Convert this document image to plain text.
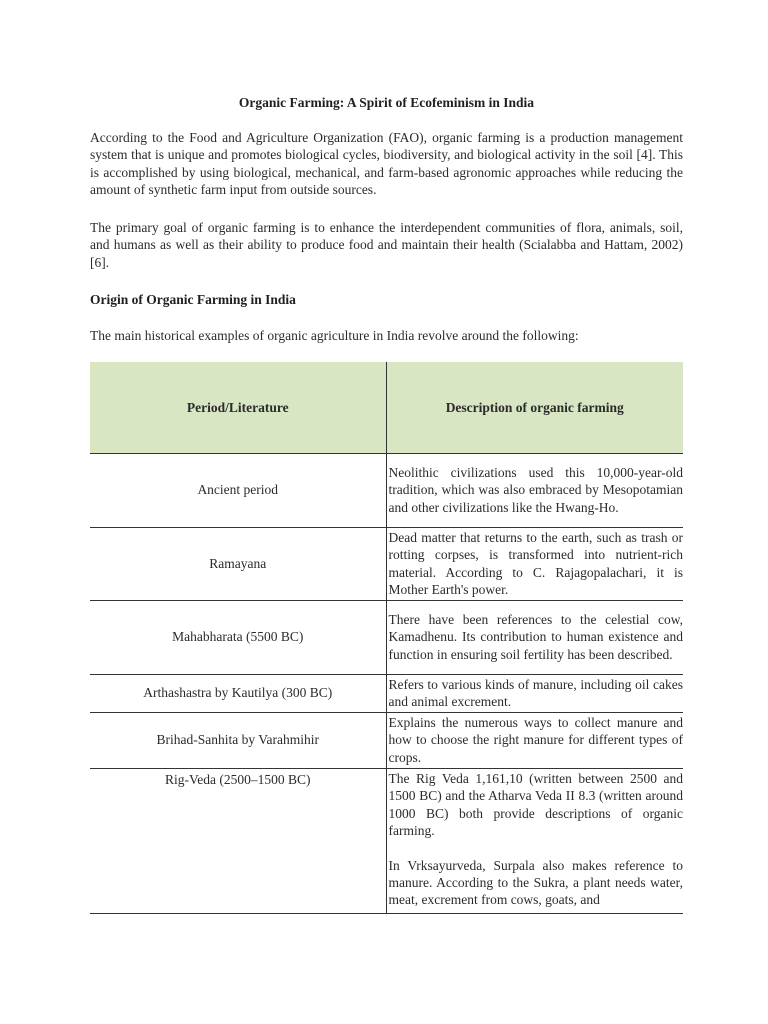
Organic Farming: A Spirit of Ecofeminism in India

According to the Food and Agriculture Organization (FAO), organic farming is a production management system that is unique and promotes biological cycles, biodiversity, and biological activity in the soil [4]. This is accomplished by using biological, mechanical, and farm-based agronomic approaches while reducing the amount of synthetic farm input from outside sources.

The primary goal of organic farming is to enhance the interdependent communities of flora, animals, soil, and humans as well as their ability to produce food and maintain their health (Scialabba and Hattam, 2002) [6].

Origin of Organic Farming in India
The main historical examples of organic agriculture in India revolve around the following:
Period/Literature	Description of organic farming
Ancient period	Neolithic civilizations used this 10,000-year-old tradition, which was also embraced by Mesopotamian and other civilizations like the Hwang-Ho.
Ramayana	Dead matter that returns to the earth, such as trash or rotting corpses, is transformed into nutrient-rich material. According to C. Rajagopalachari, it is Mother Earth's power.
Mahabharata (5500 BC)	There have been references to the celestial cow, Kamadhenu. Its contribution to human existence and function in ensuring soil fertility has been described.
Arthashastra by Kautilya (300 BC)	Refers to various kinds of manure, including oil cakes and animal excrement.
Brihad-Sanhita by Varahmihir	Explains the numerous ways to collect manure and how to choose the right manure for different types of crops.
Rig-Veda (2500–1500 BC)	The Rig Veda 1,161,10 (written between 2500 and 1500 BC) and the Atharva Veda II 8.3 (written around 1000 BC) both provide descriptions of organic farming.
In Vrksayurveda, Surpala also makes reference to manure. According to the Sukra, a plant needs water, meat, excrement from cows, goats, and
